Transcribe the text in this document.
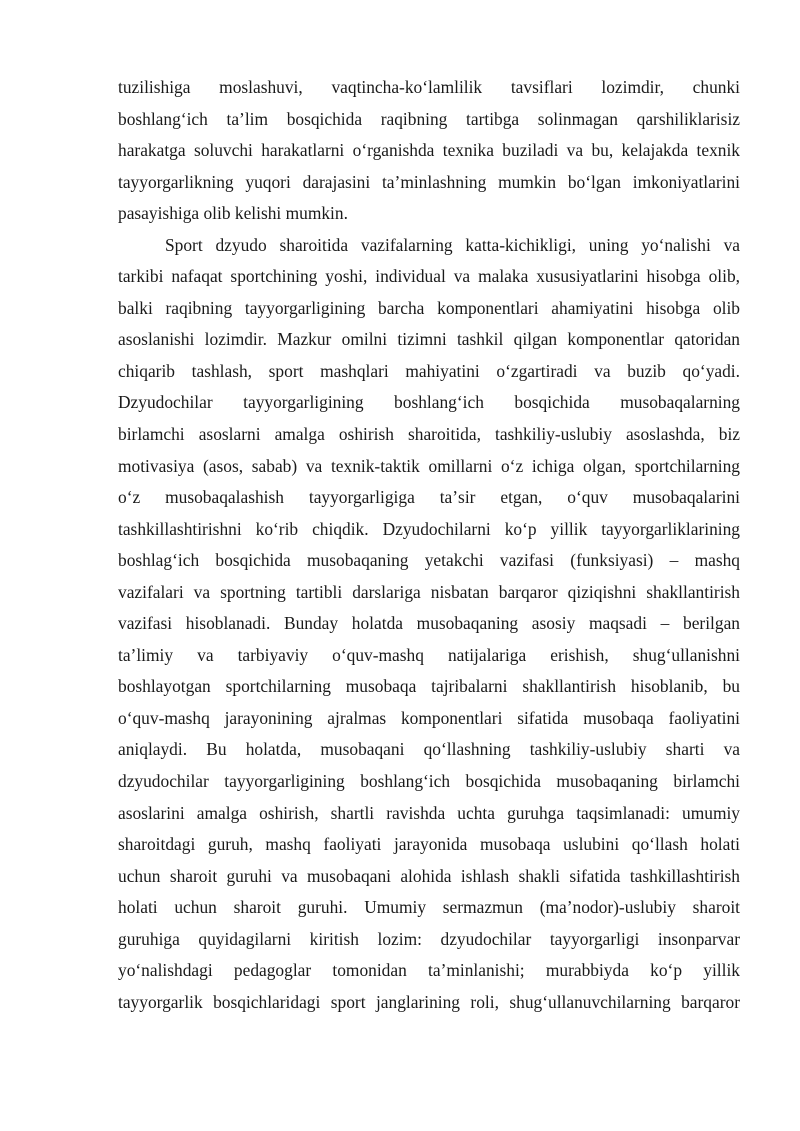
tuzilishiga moslashuvi, vaqtincha-koʻlamlilik tavsiflari lozimdir, chunki
boshlangʻich taʼlim bosqichida raqibning tartibga solinmagan qarshiliklarisiz
harakatga soluvchi harakatlarni oʻrganishda texnika buziladi va bu, kelajakda texnik
tayyorgarlikning yuqori darajasini taʼminlashning mumkin boʻlgan imkoniyatlarini
pasayishiga olib kelishi mumkin.
Sport dzyudo sharoitida vazifalarning katta-kichikligi, uning yoʻnalishi va
tarkibi nafaqat sportchining yoshi, individual va malaka xususiyatlarini hisobga olib,
balki raqibning tayyorgarligining barcha komponentlari ahamiyatini hisobga olib
asoslanishi lozimdir. Mazkur omilni tizimni tashkil qilgan komponentlar qatoridan
chiqarib tashlash, sport mashqlari mahiyatini oʻzgartiradi va buzib qoʻyadi.
Dzyudochilar tayyorgarligining boshlangʻich bosqichida musobaqalarning
birlamchi asoslarni amalga oshirish sharoitida, tashkiliy-uslubiy asoslashda, biz
motivasiya (asos, sabab) va texnik-taktik omillarni oʻz ichiga olgan, sportchilarning
oʻz musobaqalashish tayyorgarligiga taʼsir etgan, oʻquv musobaqalarini
tashkillashtirishni koʻrib chiqdik. Dzyudochilarni koʻp yillik tayyorgarliklarining
boshlagʻich bosqichida musobaqaning yetakchi vazifasi (funksiyasi) – mashq
vazifalari va sportning tartibli darslariga nisbatan barqaror qiziqishni shakllantirish
vazifasi hisoblanadi. Bunday holatda musobaqaning asosiy maqsadi – berilgan
taʼlimiy va tarbiyaviy oʻquv-mashq natijalariga erishish, shugʻullanishni
boshlayotgan sportchilarning musobaqa tajribalarni shakllantirish hisoblanib, bu
oʻquv-mashq jarayonining ajralmas komponentlari sifatida musobaqa faoliyatini
aniqlaydi. Bu holatda, musobaqani qoʻllashning tashkiliy-uslubiy sharti va
dzyudochilar tayyorgarligining boshlangʻich bosqichida musobaqaning birlamchi
asoslarini amalga oshirish, shartli ravishda uchta guruhga taqsimlanadi: umumiy
sharoitdagi guruh, mashq faoliyati jarayonida musobaqa uslubini qoʻllash holati
uchun sharoit guruhi va musobaqani alohida ishlash shakli sifatida tashkillashtirish
holati uchun sharoit guruhi. Umumiy sermazmun (maʼnodor)-uslubiy sharoit
guruhiga quyidagilarni kiritish lozim: dzyudochilar tayyorgarligi insonparvar
yoʻnalishdagi pedagoglar tomonidan taʼminlanishi; murabbiyda koʻp yillik
tayyorgarlik bosqichlaridagi sport janglarining roli, shugʻullanuvchilarning barqaror
